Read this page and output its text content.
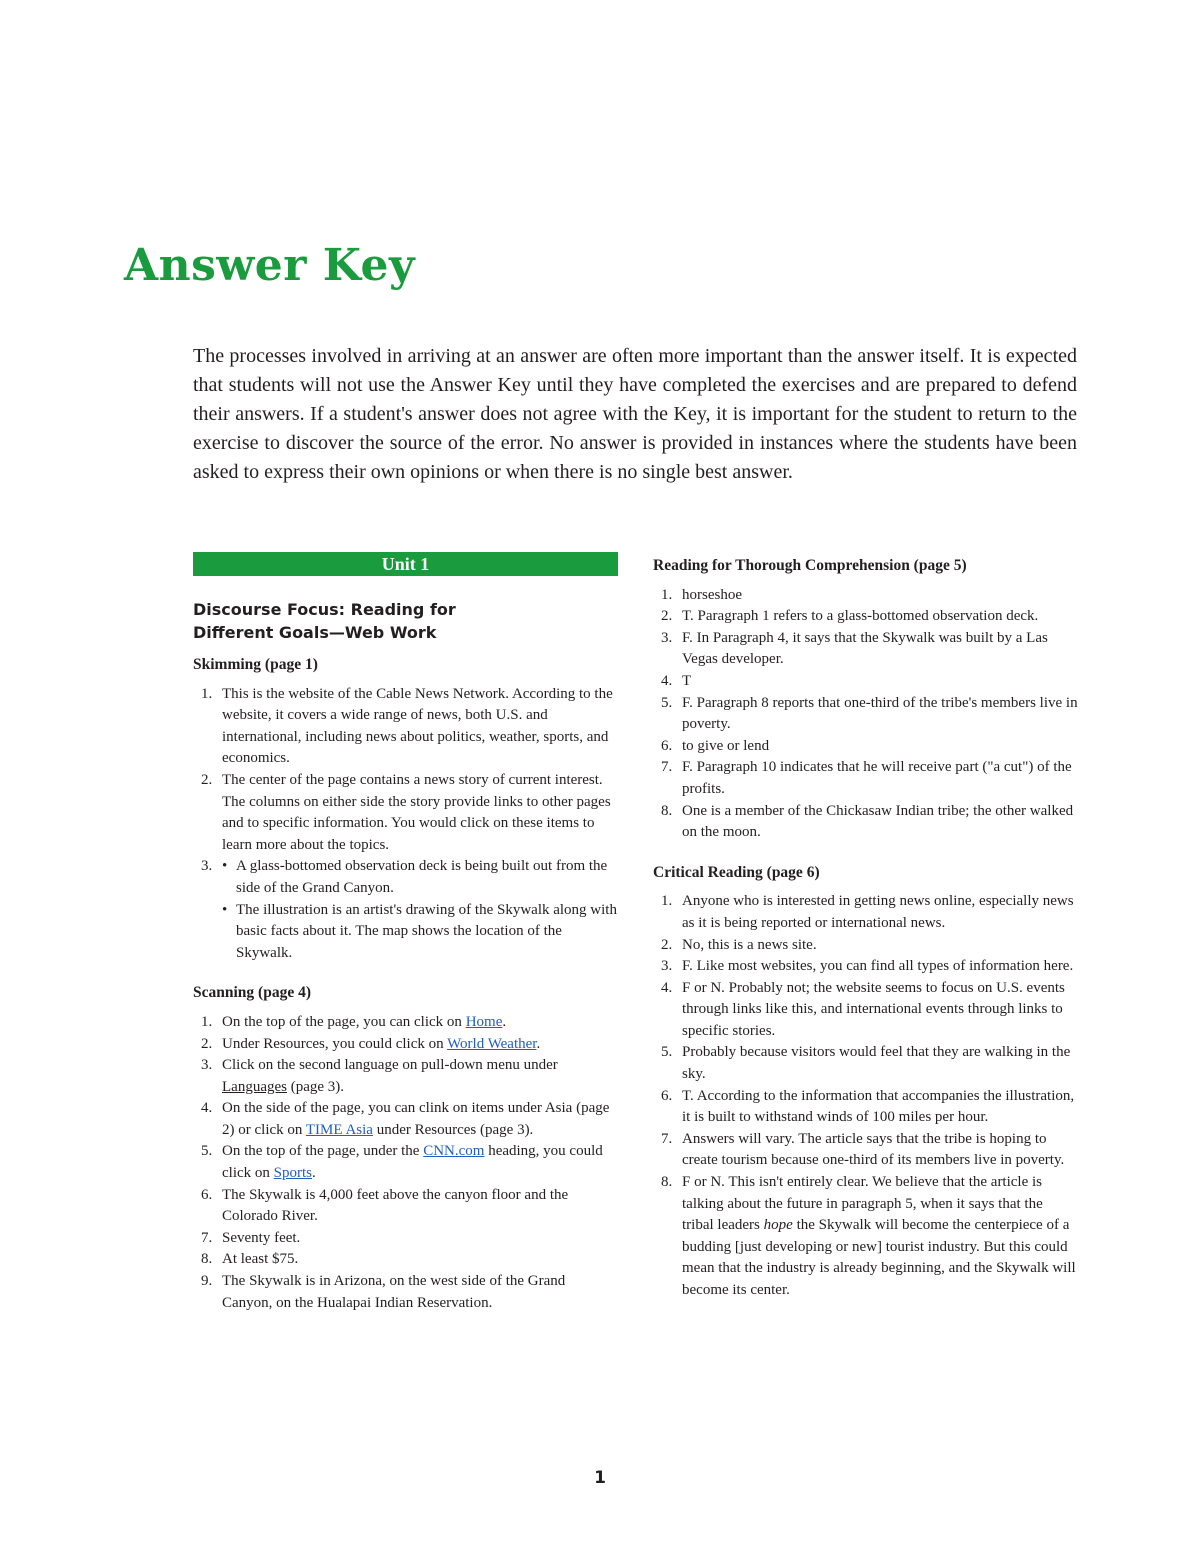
Answer Key

The processes involved in arriving at an answer are often more important than the answer itself. It is expected that students will not use the Answer Key until they have completed the exercises and are prepared to defend their answers. If a student's answer does not agree with the Key, it is important for the student to return to the exercise to discover the source of the error. No answer is provided in instances where the students have been asked to express their own opinions or when there is no single best answer.

Unit 1
Discourse Focus: Reading for
Different Goals—Web Work
Skimming (page 1)
1 . This is the website of the Cable News Network. According to the website, it covers a wide range of news, both U.S. and international, including news about politics, weather, sports, and economics.
2 . The center of the page contains a news story of current interest. The columns on either side the story provide links to other pages and to specific information. You would click on these items to learn more about the topics.
3 .
•	A glass-bottomed observation deck is being built out from the side of the Grand Canyon.
• The illustration is an artist's drawing of the Skywalk along with basic facts about it. The map shows the location of the Skywalk.
Scanning (page 4)
1 . On the top of the page, you can click on Home.
2 . Under Resources, you could click on World Weather.
3 . Click on the second language on pull-down menu under Languages (page 3).
4 . On the side of the page, you can clink on items under Asia (page 2) or click on TIME Asia under Resources (page 3).
5 . On the top of the page, under the CNN.com heading, you could click on Sports.
6 . The Skywalk is 4,000 feet above the canyon floor and the Colorado River.
7 . Seventy feet.
8 . At least $75.
9 . The Skywalk is in Arizona, on the west side of the Grand Canyon, on the Hualapai Indian Reservation.
Reading for Thorough Comprehension (page 5)
1 . horseshoe
2 . T. Paragraph 1 refers to a glass-bottomed observation deck.
3 . F. In Paragraph 4, it says that the Skywalk was built by a Las Vegas developer.
4 . T
5 . F. Paragraph 8 reports that one-third of the tribe's members live in poverty.
6 . to give or lend
7 . F. Paragraph 10 indicates that he will receive part ("a cut") of the profits.
8 . One is a member of the Chickasaw Indian tribe; the other walked on the moon.
Critical Reading (page 6)
1 . Anyone who is interested in getting news online, especially news as it is being reported or international news.
2 . No, this is a news site.
3 . F. Like most websites, you can find all types of information here.
4 . F or N. Probably not; the website seems to focus on U.S. events through links like this, and international events through links to specific stories.
5 . Probably because visitors would feel that they are walking in the sky.
6 . T. According to the information that accompanies the illustration, it is built to withstand winds of 100 miles per hour.
7 . Answers will vary. The article says that the tribe is hoping to create tourism because one-third of its members live in poverty.
8 . F or N. This isn't entirely clear. We believe that the article is talking about the future in paragraph 5, when it says that the tribal leaders hope the Skywalk will become the centerpiece of a budding [just developing or new] tourist industry. But this could mean that the industry is already beginning, and the Skywalk will become its center.
1
